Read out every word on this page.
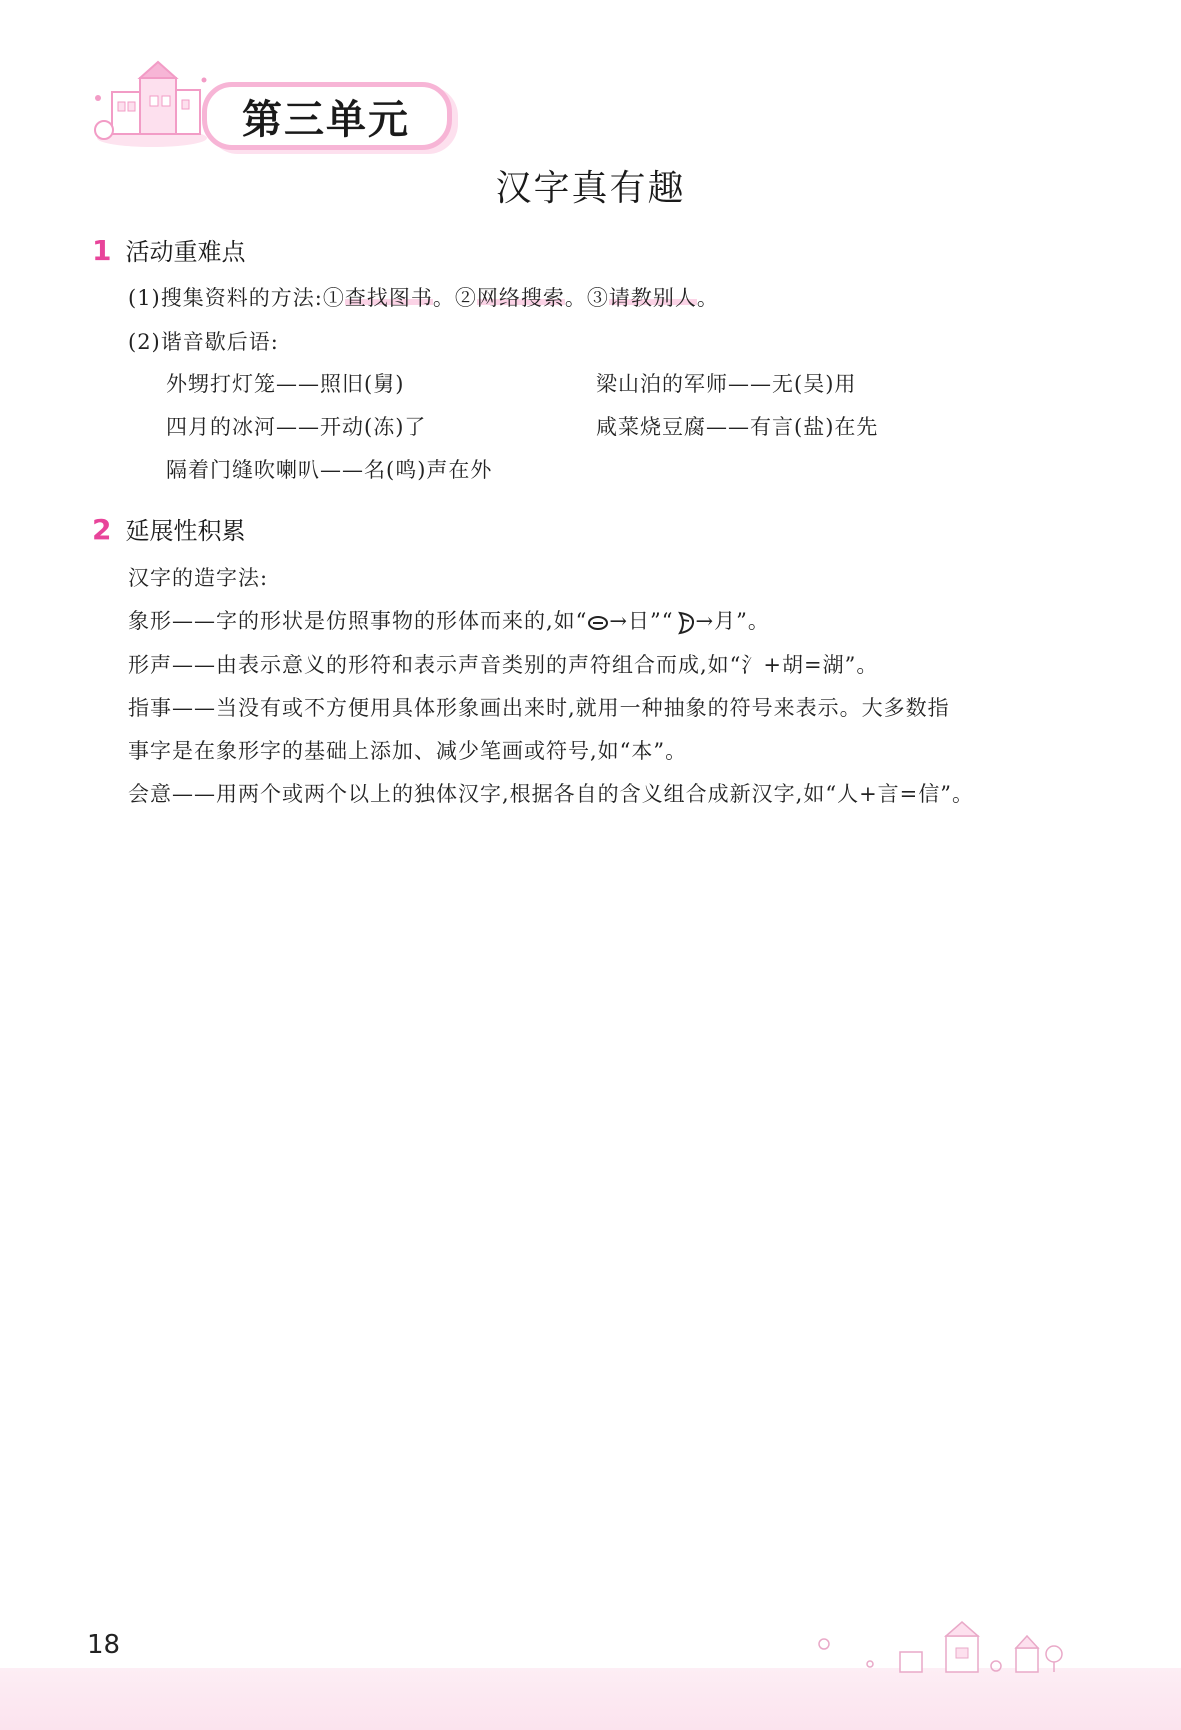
第三单元
汉字真有趣
1 活动重难点
(1)搜集资料的方法:①查找图书。②网络搜索。③请教别人。
(2)谐音歇后语:
外甥打灯笼——照旧(舅)	梁山泊的军师——无(吴)用
四月的冰河——开动(冻)了	咸菜烧豆腐——有言(盐)在先
隔着门缝吹喇叭——名(鸣)声在外
2 延展性积累
汉字的造字法:
象形——字的形状是仿照事物的形体而来的,如“ →日”“ →月”。
形声——由表示意义的形符和表示声音类别的声符组合而成,如“氵+胡=湖”。
指事——当没有或不方便用具体形象画出来时,就用一种抽象的符号来表示。大多数指
事字是在象形字的基础上添加、减少笔画或符号,如“本”。
会意——用两个或两个以上的独体汉字,根据各自的含义组合成新汉字,如“人+言=信”。
18
